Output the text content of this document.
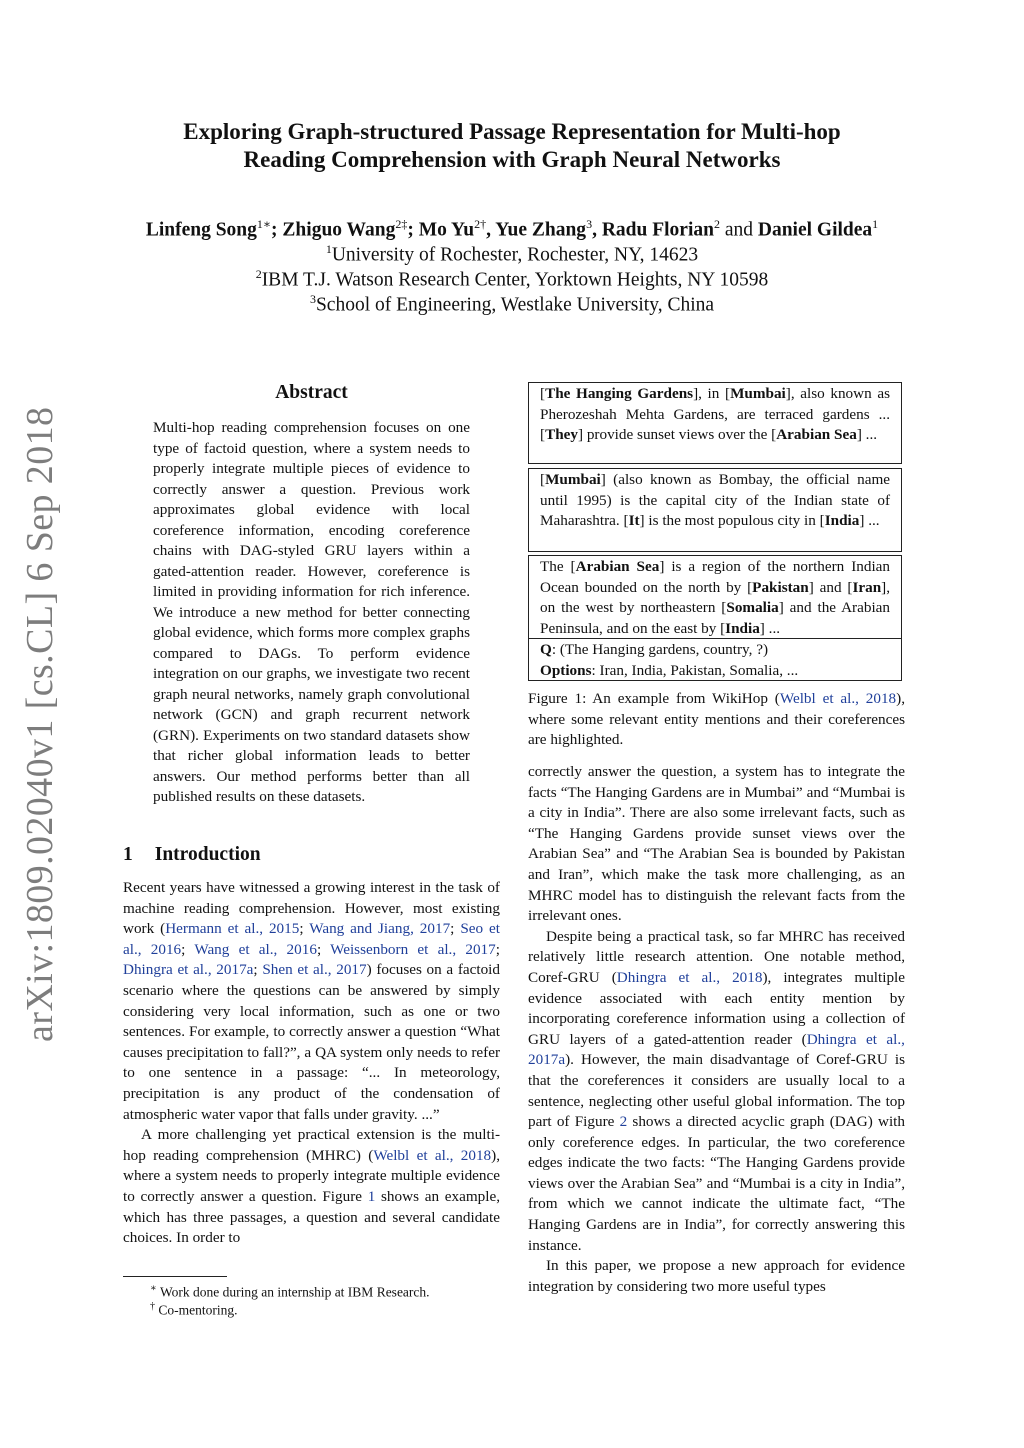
Exploring Graph-structured Passage Representation for Multi-hop
Reading Comprehension with Graph Neural Networks
Linfeng Song$^{1∗}$; Zhiguo Wang$^{2\ddagger}$; Mo $Yu^{2\dagger}$, Yue Zhang$^3$, Radu Florian$^2$ and Daniel Gildea$^1$
$^1$University of Rochester, Rochester, NY, 14623
$^2$IBM T.J. Watson Research Center, Yorktown Heights, NY 10598
$^3$School of Engineering, Westlake University, China
arXiv:1809.02040v1 [cs.CL] 6 Sep 2018
Abstract
Multi-hop reading comprehension focuses on one type of factoid question, where a system needs to properly integrate multiple pieces of evidence to correctly answer a question. Previous work approximates global evidence with local coreference information, encoding coreference chains with DAG-styled GRU layers within a gated-attention reader. However, coreference is limited in providing information for rich inference. We introduce a new method for better connecting global evidence, which forms more complex graphs compared to DAGs. To perform evidence integration on our graphs, we investigate two recent graph neural networks, namely graph convolutional network (GCN) and graph recurrent network (GRN). Experiments on two standard datasets show that richer global information leads to better answers. Our method performs better than all published results on these datasets.
1 Introduction

Recent years have witnessed a growing interest in the task of machine reading comprehension. However, most existing work (Hermann et al., 2015; Wang and Jiang, 2017; Seo et al., 2016; Wang et al., 2016; Weissenborn et al., 2017; Dhingra et al., 2017a; Shen et al., 2017) focuses on a factoid scenario where the questions can be answered by simply considering very local information, such as one or two sentences. For example, to correctly answer a question “What causes precipitation to fall?”, a QA system only needs to refer to one sentence in a passage: “... In meteorology, precipitation is any product of the condensation of atmospheric water vapor that falls under gravity. ...”

A more challenging yet practical extension is the multi-hop reading comprehension (MHRC) (Welbl et al., 2018), where a system needs to properly integrate multiple evidence to correctly answer a question. Figure 1 shows an example, which has three passages, a question and several candidate choices. In order to

∗ Work done during an internship at IBM Research.
† Co-mentoring.
[The Hanging Gardens], in [Mumbai], also known as Pherozeshah Mehta Gardens, are terraced gardens ... [They] provide sunset views over the [Arabian Sea] ...
[Mumbai] (also known as Bombay, the official name until 1995) is the capital city of the Indian state of Maharashtra. [It] is the most populous city in [India] ...
The [Arabian Sea] is a region of the northern Indian Ocean bounded on the north by [Pakistan] and [Iran], on the west by northeastern [Somalia] and the Arabian Peninsula, and on the east by [India] ...
Q: (The Hanging gardens, country, ?)
Options: Iran, India, Pakistan, Somalia, ...
Figure 1: An example from WikiHop (Welbl et al., 2018), where some relevant entity mentions and their coreferences are highlighted.

correctly answer the question, a system has to integrate the facts “The Hanging Gardens are in Mumbai” and “Mumbai is a city in India”. There are also some irrelevant facts, such as “The Hanging Gardens provide sunset views over the Arabian Sea” and “The Arabian Sea is bounded by Pakistan and Iran”, which make the task more challenging, as an MHRC model has to distinguish the relevant facts from the irrelevant ones.

Despite being a practical task, so far MHRC has received relatively little research attention. One notable method, Coref-GRU (Dhingra et al., 2018), integrates multiple evidence associated with each entity mention by incorporating coreference information using a collection of GRU layers of a gated-attention reader (Dhingra et al., 2017a). However, the main disadvantage of Coref-GRU is that the coreferences it considers are usually local to a sentence, neglecting other useful global information. The top part of Figure 2 shows a directed acyclic graph (DAG) with only coreference edges. In particular, the two coreference edges indicate the two facts: “The Hanging Gardens provide views over the Arabian Sea” and “Mumbai is a city in India”, from which we cannot indicate the ultimate fact, “The Hanging Gardens are in India”, for correctly answering this instance.

In this paper, we propose a new approach for evidence integration by considering two more useful types
